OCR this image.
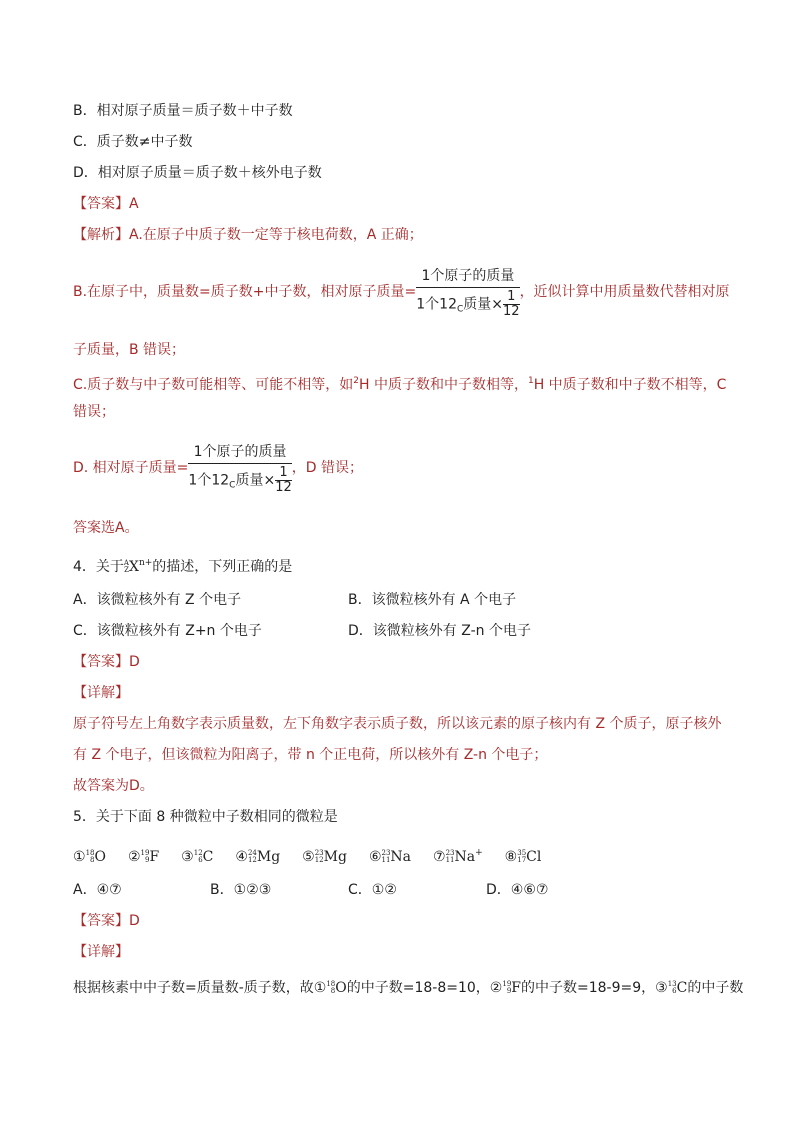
B．相对原子质量＝质子数＋中子数
C．质子数≠中子数
D．相对原子质量＝质子数＋核外电子数
【答案】A
【解析】A.在原子中质子数一定等于核电荷数，A 正确；
B.在原子中，质量数=质子数+中子数，相对原子质量= $\frac{\text{1个原子的质量}}{1个12_C质量\times \frac{1}{12}}$ ，近似计算中用质量数代替相对原
子质量，B 错误；
C.质子数与中子数可能相等、可能不相等，如$^2$H 中质子数和中子数相等，$^1$H 中质子数和中子数不相等，C
错误；
D. 相对原子质量= $\frac{\text{1个原子的质量}}{1个12_C质量\times \frac{1}{12}}$ ，D 错误；
答案选A。
4．关于 A
Z $X^{n+}$的描述，下列正确的是
A．该微粒核外有 Z 个电子	B．该微粒核外有 A 个电子
C．该微粒核外有 Z+n 个电子	D．该微粒核外有 Z-n 个电子
【答案】D
【详解】
原子符号左上角数字表示质量数，左下角数字表示质子数，所以该元素的原子核内有 Z 个质子，原子核外
有 Z 个电子，但该微粒为阳离子，带 n 个正电荷，所以核外有 Z-n 个电子；
故答案为D。
5．关于下面 8 种微粒中子数相同的微粒是
① 18
8 O ② 19
9 F ③ 12
6 C ④ 24
12 Mg ⑤ 23
12 Mg ⑥ 23
11 Na ⑦ 23
11 Na+ ⑧ 35
17 Cl
A．④⑦	B．①②③	C．①②	D．④⑥⑦
【答案】D
【详解】
根据核素中中子数=质量数-质子数，故① 18
8 O的中子数=18-8=10，② 19
9 F的中子数=18-9=9，③ 13
6 C的中子数
